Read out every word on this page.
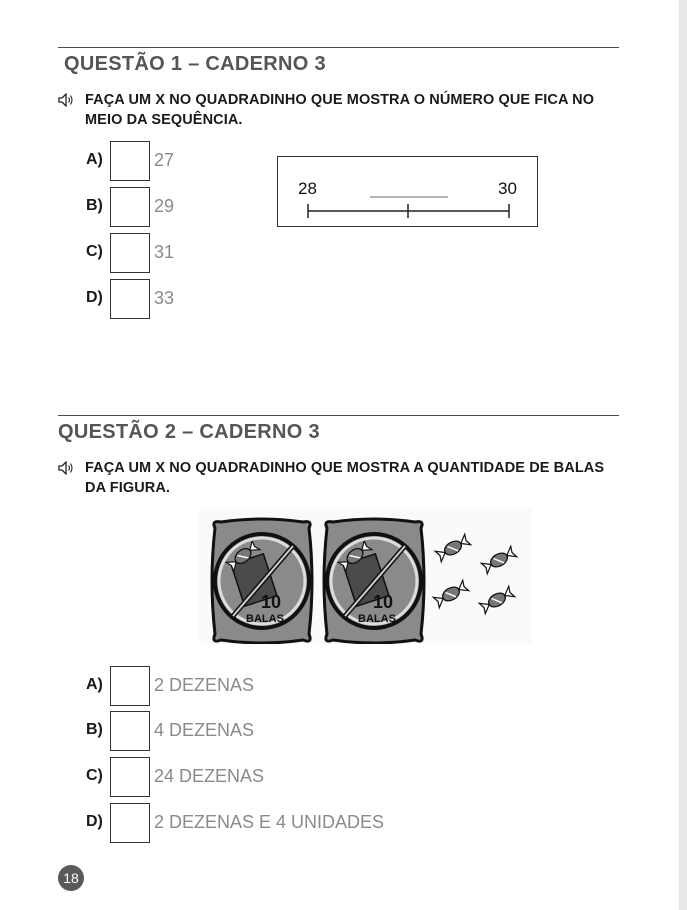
QUESTÃO 1 – CADERNO 3
FAÇA UM X NO QUADRADINHO QUE MOSTRA O NÚMERO QUE FICA NO MEIO DA SEQUÊNCIA.
A)	27
B)	29
C)	31
D)	33
28	30
QUESTÃO 2 – CADERNO 3
FAÇA UM X NO QUADRADINHO QUE MOSTRA A QUANTIDADE DE BALAS DA FIGURA.
10
BALAS
10
BALAS
A)	2 DEZENAS
B)	4 DEZENAS
C)	24 DEZENAS
D)	2 DEZENAS E 4 UNIDADES
18
